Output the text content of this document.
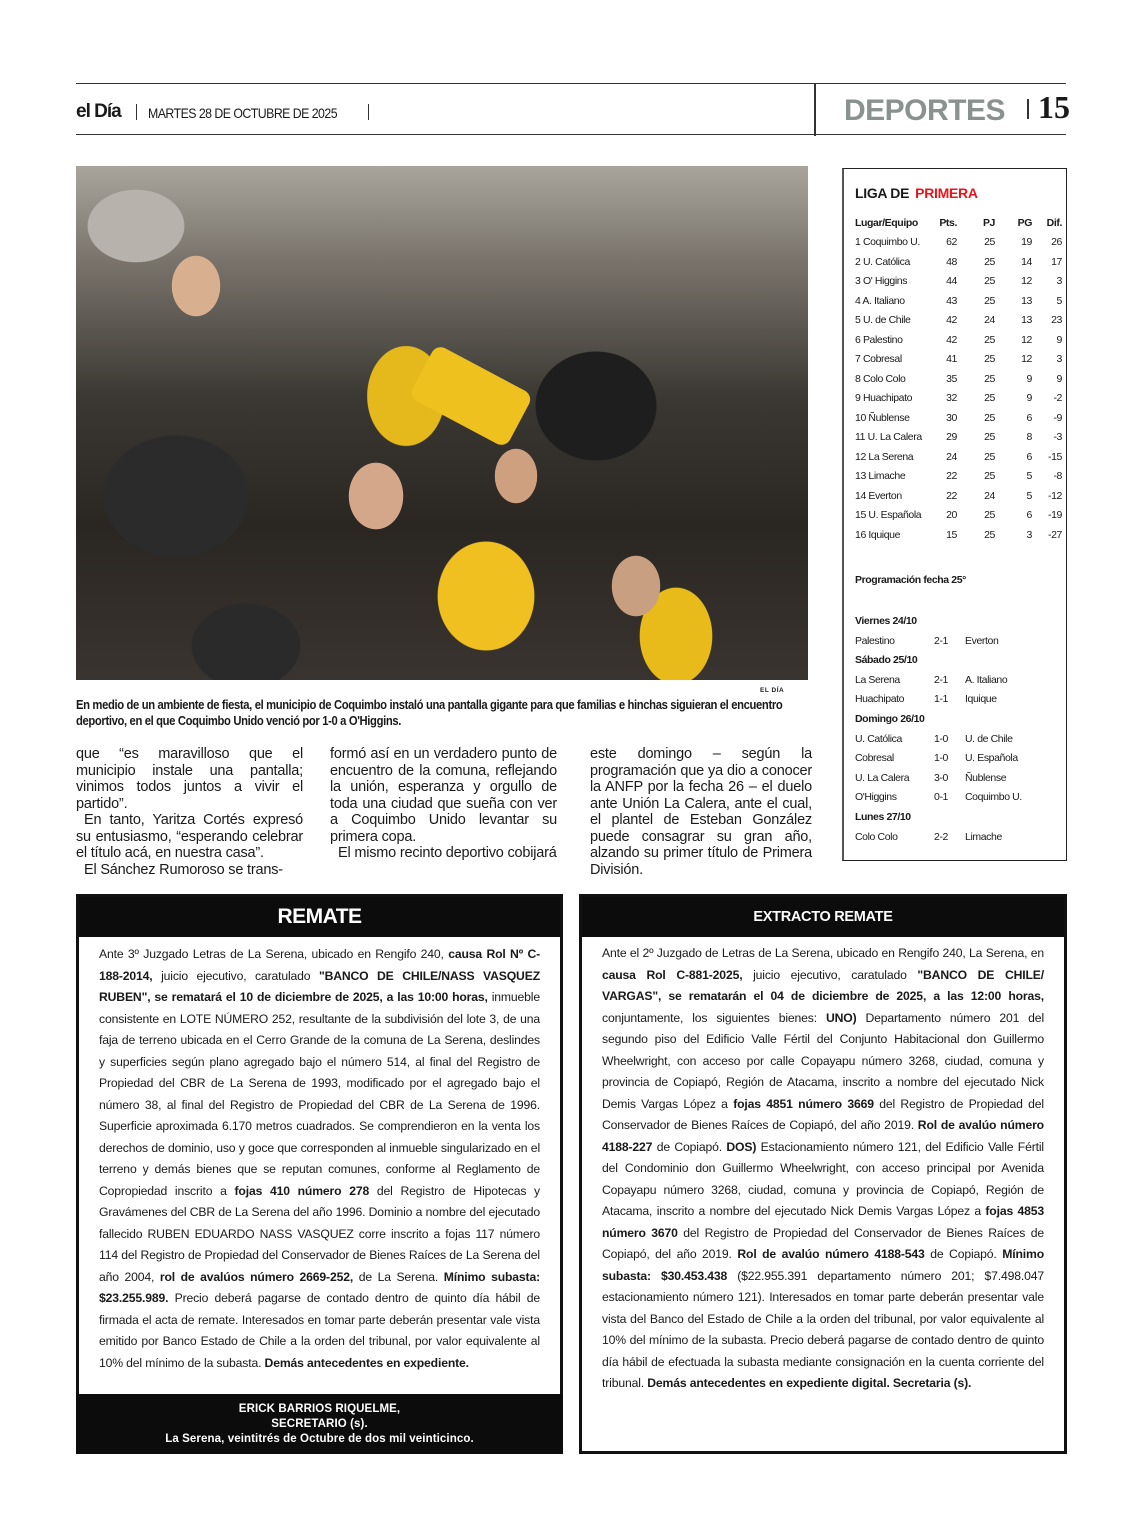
el Día MARTES 28 DE OCTUBRE DE 2025	DEPORTES 15
EL DÍA
En medio de un ambiente de fiesta, el municipio de Coquimbo instaló una pantalla gigante para que familias e hinchas siguieran el encuentro deportivo, en el que Coquimbo Unido venció por 1-0 a O'Higgins.

que “es maravilloso que el municipio instale una pantalla; vinimos todos juntos a vivir el partido”.

En tanto, Yaritza Cortés expresó su entusiasmo, “esperando celebrar el título acá, en nuestra casa”.

El Sánchez Rumoroso se trans-

formó así en un verdadero punto de encuentro de la comuna, reflejando la unión, esperanza y orgullo de toda una ciudad que sueña con ver a Coquimbo Unido levantar su primera copa.

El mismo recinto deportivo cobijará

este domingo – según la programación que ya dio a conocer la ANFP por la fecha 26 – el duelo ante Unión La Calera, ante el cual, el plantel de Esteban González puede consagrar su gran año, alzando su primer título de Primera División.

LIGA DE PRIMERA
Lugar/Equipo	Pts.	PJ	PG	Dif.
1 Coquimbo U.	62	25	19	26
2 U. Católica	48	25	14	17
3 O' Higgins	44	25	12	3
4 A. Italiano	43	25	13	5
5 U. de Chile	42	24	13	23
6 Palestino	42	25	12	9
7 Cobresal	41	25	12	3
8 Colo Colo	35	25	9	9
9 Huachipato	32	25	9	-2
10 Ñublense	30	25	6	-9
11 U. La Calera	29	25	8	-3
12 La Serena	24	25	6	-15
13 Limache	22	25	5	-8
14 Everton	22	24	5	-12
15 U. Española	20	25	6	-19
16 Iquique	15	25	3	-27
Programación fecha 25°
Viernes 24/10
Palestino	2-1	Everton
Sábado 25/10
La Serena	2-1	A. Italiano
Huachipato	1-1	Iquique
Domingo 26/10
U. Católica	1-0	U. de Chile
Cobresal	1-0	U. Española
U. La Calera	3-0	Ñublense
O'Higgins	0-1	Coquimbo U.
Lunes 27/10
Colo Colo	2-2	Limache
REMATE
Ante 3º Juzgado Letras de La Serena, ubicado en Rengifo 240, causa Rol Nº C-188-2014, juicio ejecutivo, caratulado "BANCO DE CHILE/NASS VASQUEZ RUBEN", se rematará el 10 de diciembre de 2025, a las 10:00 horas, inmueble consistente en LOTE NÚMERO 252, resultante de la subdivisión del lote 3, de una faja de terreno ubicada en el Cerro Grande de la comuna de La Serena, deslindes y superficies según plano agregado bajo el número 514, al final del Registro de Propiedad del CBR de La Serena de 1993, modificado por el agregado bajo el número 38, al final del Registro de Propiedad del CBR de La Serena de 1996. Superficie aproximada 6.170 metros cuadrados. Se comprendieron en la venta los derechos de dominio, uso y goce que corresponden al inmueble singularizado en el terreno y demás bienes que se reputan comunes, conforme al Reglamento de Copropiedad inscrito a fojas 410 número 278 del Registro de Hipotecas y Gravámenes del CBR de La Serena del año 1996. Dominio a nombre del ejecutado fallecido RUBEN EDUARDO NASS VASQUEZ corre inscrito a fojas 117 número 114 del Registro de Propiedad del Conservador de Bienes Raíces de La Serena del año 2004, rol de avalúos número 2669-252, de La Serena. Mínimo subasta: $23.255.989. Precio deberá pagarse de contado dentro de quinto día hábil de firmada el acta de remate. Interesados en tomar parte deberán presentar vale vista emitido por Banco Estado de Chile a la orden del tribunal, por valor equivalente al 10% del mínimo de la subasta. Demás antecedentes en expediente.
ERICK BARRIOS RIQUELME,
SECRETARIO (s).
La Serena, veintitrés de Octubre de dos mil veinticinco.
EXTRACTO REMATE
Ante el 2º Juzgado de Letras de La Serena, ubicado en Rengifo 240, La Serena, en causa Rol C-881-2025, juicio ejecutivo, caratulado "BANCO DE CHILE/ VARGAS", se rematarán el 04 de diciembre de 2025, a las 12:00 horas, conjuntamente, los siguientes bienes: UNO) Departamento número 201 del segundo piso del Edificio Valle Fértil del Conjunto Habitacional don Guillermo Wheelwright, con acceso por calle Copayapu número 3268, ciudad, comuna y provincia de Copiapó, Región de Atacama, inscrito a nombre del ejecutado Nick Demis Vargas López a fojas 4851 número 3669 del Registro de Propiedad del Conservador de Bienes Raíces de Copiapó, del año 2019. Rol de avalúo número 4188-227 de Copiapó. DOS) Estacionamiento número 121, del Edificio Valle Fértil del Condominio don Guillermo Wheelwright, con acceso principal por Avenida Copayapu número 3268, ciudad, comuna y provincia de Copiapó, Región de Atacama, inscrito a nombre del ejecutado Nick Demis Vargas López a fojas 4853 número 3670 del Registro de Propiedad del Conservador de Bienes Raíces de Copiapó, del año 2019. Rol de avalúo número 4188-543 de Copiapó. Mínimo subasta: $30.453.438 ($22.955.391 departamento número 201; $7.498.047 estacionamiento número 121). Interesados en tomar parte deberán presentar vale vista del Banco del Estado de Chile a la orden del tribunal, por valor equivalente al 10% del mínimo de la subasta. Precio deberá pagarse de contado dentro de quinto día hábil de efectuada la subasta mediante consignación en la cuenta corriente del tribunal. Demás antecedentes en expediente digital. Secretaria (s).
